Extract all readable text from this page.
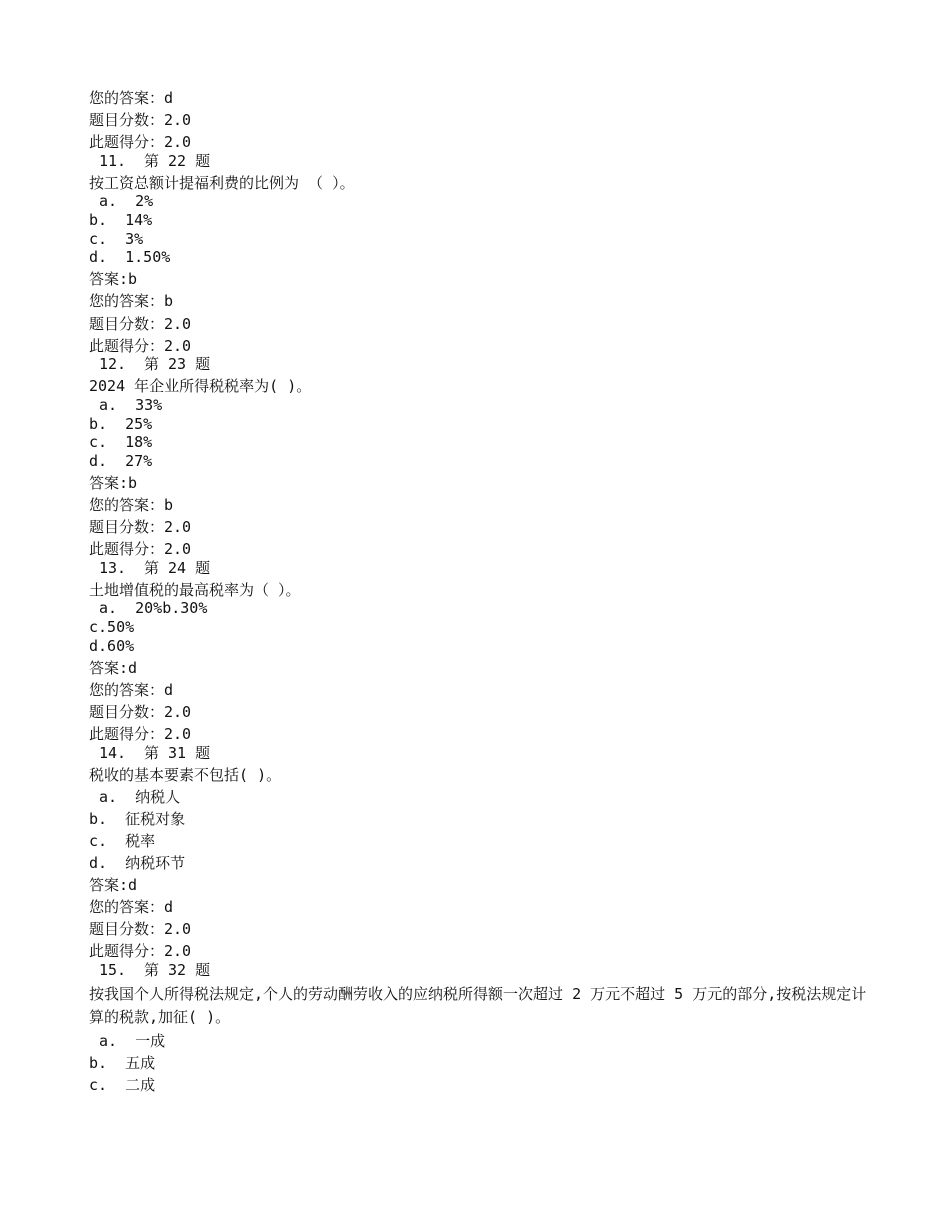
您的答案：d
题目分数：2.0
此题得分：2.0
11. 第 22 题
按工资总额计提福利费的比例为 （ ）。
a.  2%
b.  14%
c.  3%
d.  1.50%
答案:b
您的答案：b
题目分数：2.0
此题得分：2.0
12. 第 23 题
2024 年企业所得税税率为( )。
a.  33%
b.  25%
c.  18%
d.  27%
答案:b
您的答案：b
题目分数：2.0
此题得分：2.0
13. 第 24 题
土地增值税的最高税率为（ ）。
a.  20%b.30%
c.50%
d.60%
答案:d
您的答案：d
题目分数：2.0
此题得分：2.0
14. 第 31 题
税收的基本要素不包括( )。
a.  纳税人
b.  征税对象
c.  税率
d.  纳税环节
答案:d
您的答案：d
题目分数：2.0
此题得分：2.0
15. 第 32 题
按我国个人所得税法规定,个人的劳动酬劳收入的应纳税所得额一次超过 2 万元不超过 5 万元的部分,按税法规定计算的税款,加征( )。
a.  一成
b.  五成
c.  二成
